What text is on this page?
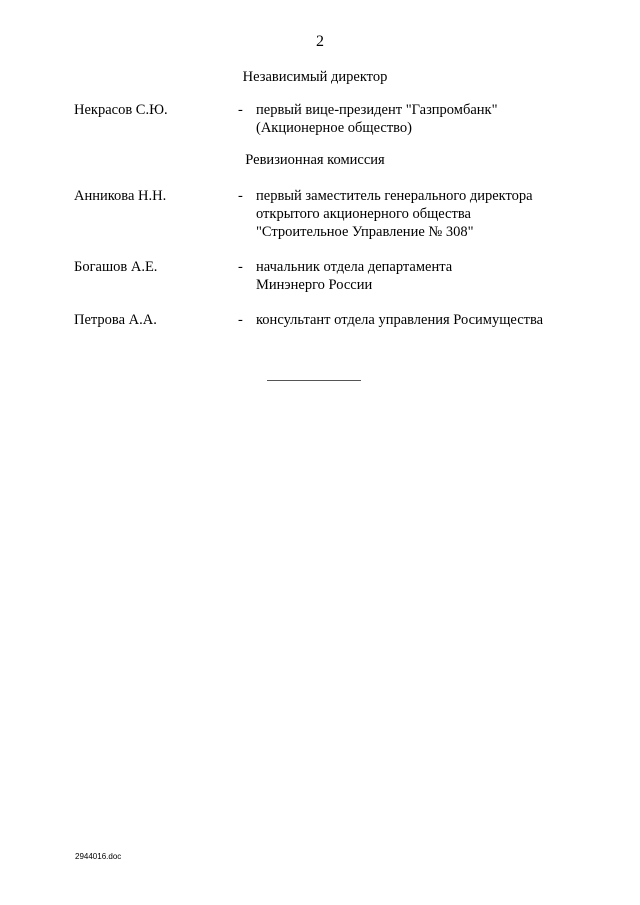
2
Независимый директор
Некрасов С.Ю.	- первый вице-президент "Газпромбанк"
(Акционерное общество)
Ревизионная комиссия
Анникова Н.Н.	- первый заместитель генерального директора
открытого акционерного общества
"Строительное Управление № 308"
Богашов А.Е.	- начальник отдела департамента
Минэнерго России
Петрова А.А.	- консультант отдела управления Росимущества
2944016.doc
